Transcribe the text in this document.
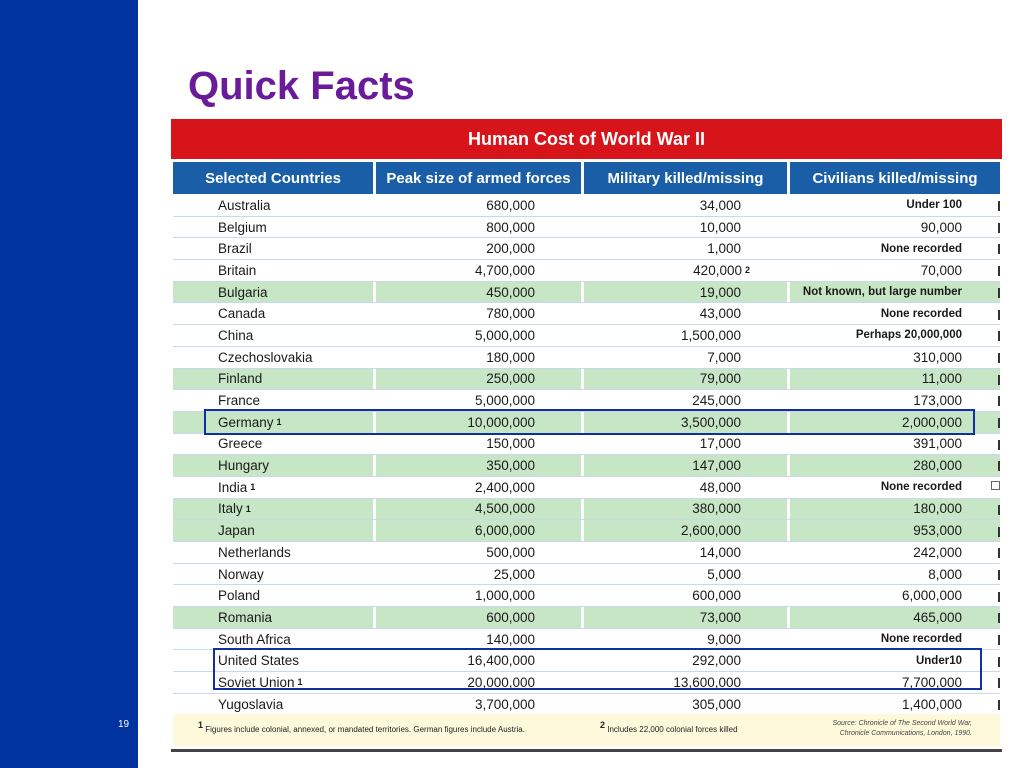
19
Quick Facts
Human Cost of World War II
Selected Countries	Peak size of armed forces	Military killed/missing	Civilians killed/missing
Australia	680,000	34,000	Under 100
Belgium	800,000	10,000	90,000
Brazil	200,000	1,000	None recorded
Britain	4,700,000	420,000 2	70,000
Bulgaria	450,000	19,000	Not known, but large number
Canada	780,000	43,000	None recorded
China	5,000,000	1,500,000	Perhaps 20,000,000
Czechoslovakia	180,000	7,000	310,000
Finland	250,000	79,000	11,000
France	5,000,000	245,000	173,000
Germany 1	10,000,000	3,500,000	2,000,000
Greece	150,000	17,000	391,000
Hungary	350,000	147,000	280,000
India 1	2,400,000	48,000	None recorded
Italy 1	4,500,000	380,000	180,000
Japan	6,000,000	2,600,000	953,000
Netherlands	500,000	14,000	242,000
Norway	25,000	5,000	8,000
Poland	1,000,000	600,000	6,000,000
Romania	600,000	73,000	465,000
South Africa	140,000	9,000	None recorded
United States	16,400,000	292,000	Under10
Soviet Union 1	20,000,000	13,600,000	7,700,000
Yugoslavia	3,700,000	305,000	1,400,000
$^1$ Figures include colonial, annexed, or mandated territories. German figures include Austria.	$^2$ Includes 22,000 colonial forces killed
Source: Chronicle of The Second World War,
Chronicle Communications, London, 1990.
